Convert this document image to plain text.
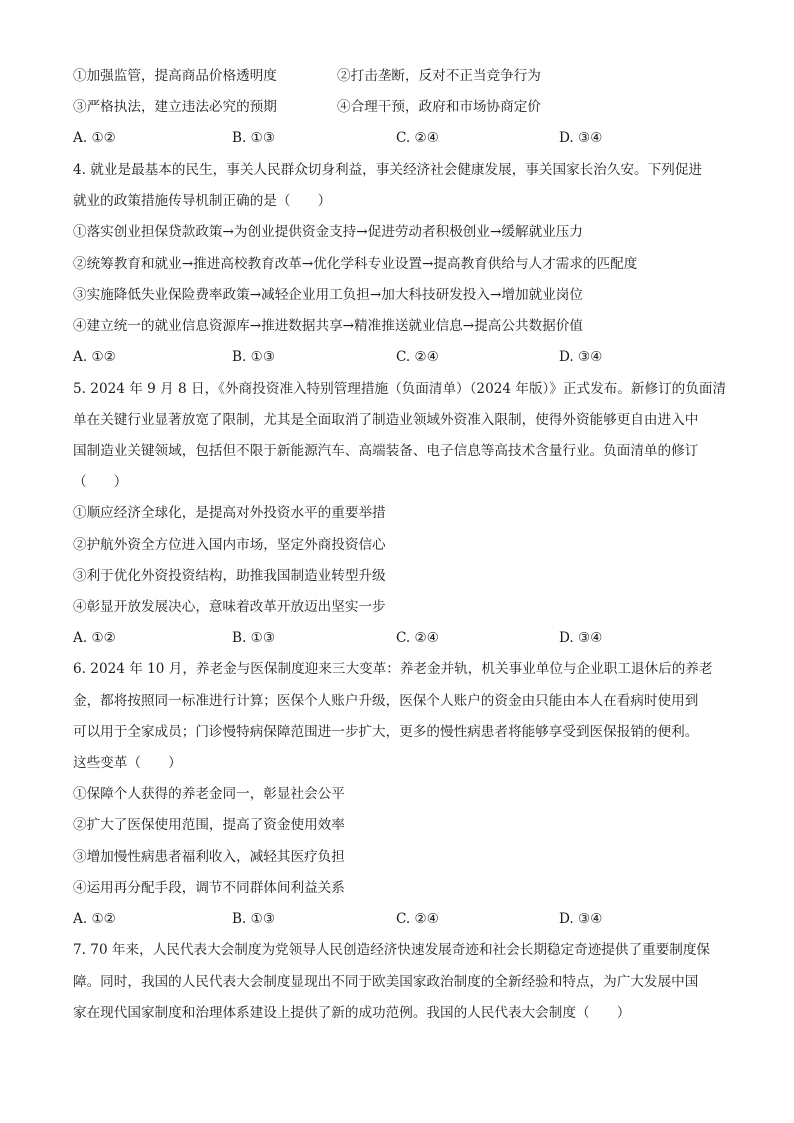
①加强监管，提高商品价格透明度	②打击垄断，反对不正当竞争行为
③严格执法，建立违法必究的预期	④合理干预，政府和市场协商定价
A. ①②	B. ①③	C. ②④	D. ③④
4. 就业是最基本的民生，事关人民群众切身利益，事关经济社会健康发展，事关国家长治久安。下列促进
就业的政策措施传导机制正确的是（　　）
①落实创业担保贷款政策→为创业提供资金支持→促进劳动者积极创业→缓解就业压力
②统筹教育和就业→推进高校教育改革→优化学科专业设置→提高教育供给与人才需求的匹配度
③实施降低失业保险费率政策→减轻企业用工负担→加大科技研发投入→增加就业岗位
④建立统一的就业信息资源库→推进数据共享→精准推送就业信息→提高公共数据价值
A. ①②	B. ①③	C. ②④	D. ③④
5. 2024 年 9 月 8 日，《外商投资准入特别管理措施（负面清单）（2024 年版）》正式发布。新修订的负面清
单在关键行业显著放宽了限制，尤其是全面取消了制造业领域外资准入限制，使得外资能够更自由进入中
国制造业关键领域，包括但不限于新能源汽车、高端装备、电子信息等高技术含量行业。负面清单的修订
（　　）
①顺应经济全球化，是提高对外投资水平的重要举措
②护航外资全方位进入国内市场，坚定外商投资信心
③利于优化外资投资结构，助推我国制造业转型升级
④彰显开放发展决心，意味着改革开放迈出坚实一步
A. ①②	B. ①③	C. ②④	D. ③④
6. 2024 年 10 月，养老金与医保制度迎来三大变革：养老金并轨，机关事业单位与企业职工退休后的养老
金，都将按照同一标准进行计算；医保个人账户升级，医保个人账户的资金由只能由本人在看病时使用到
可以用于全家成员；门诊慢特病保障范围进一步扩大，更多的慢性病患者将能够享受到医保报销的便利。
这些变革（　　）
①保障个人获得的养老金同一，彰显社会公平
②扩大了医保使用范围，提高了资金使用效率
③增加慢性病患者福利收入，减轻其医疗负担
④运用再分配手段，调节不同群体间利益关系
A. ①②	B. ①③	C. ②④	D. ③④
7. 70 年来，人民代表大会制度为党领导人民创造经济快速发展奇迹和社会长期稳定奇迹提供了重要制度保
障。同时，我国的人民代表大会制度显现出不同于欧美国家政治制度的全新经验和特点，为广大发展中国
家在现代国家制度和治理体系建设上提供了新的成功范例。我国的人民代表大会制度（　　）
